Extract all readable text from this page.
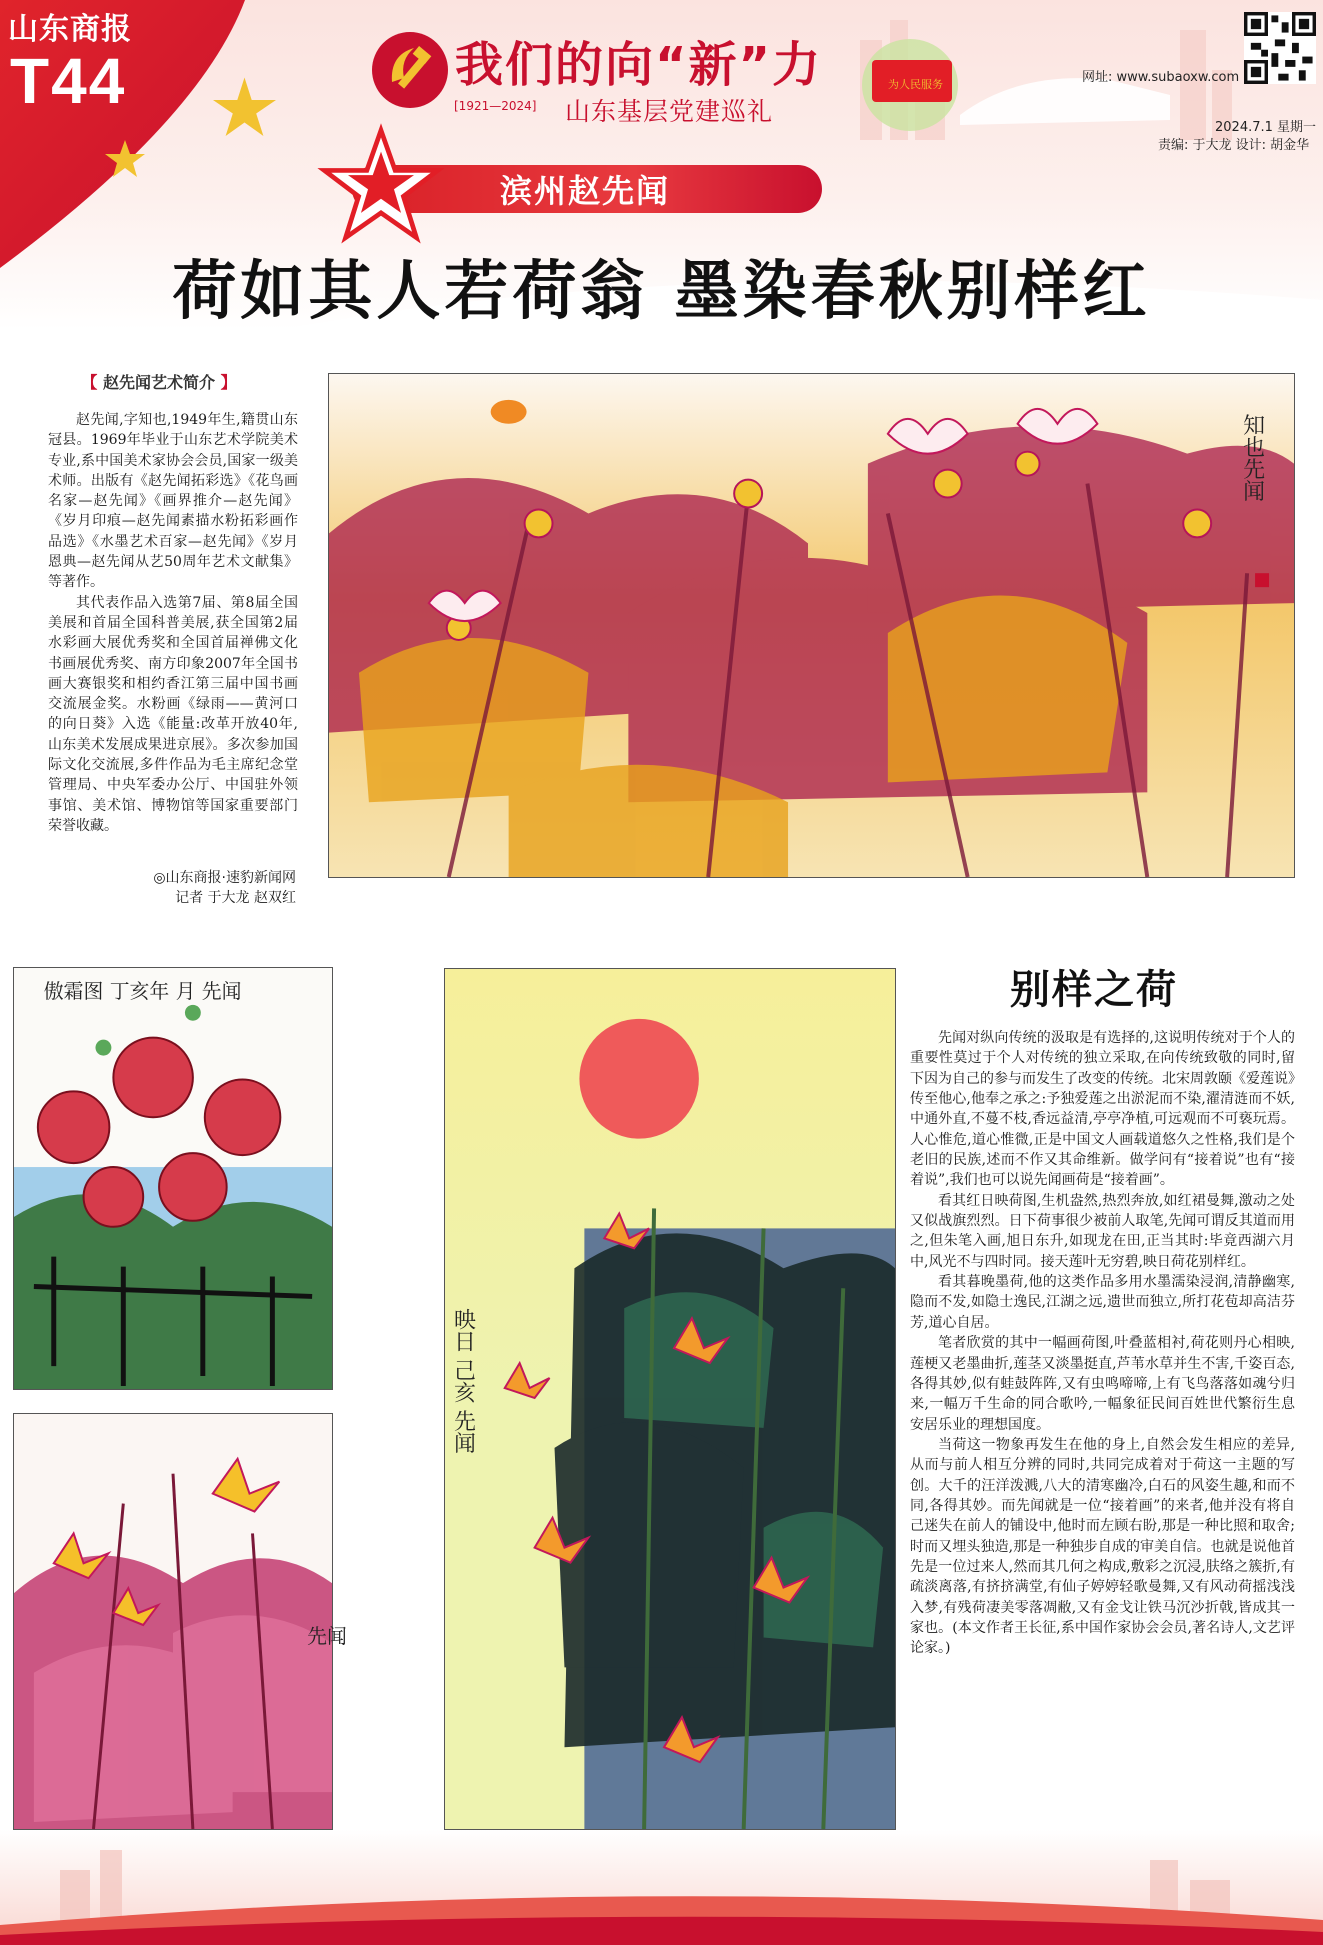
为人民服务
山东商报
T44	我们的向“新”力
[1921—2024] 山东基层党建巡礼
网址: www.subaoxw.com
2024.7.1 星期一
责编: 于大龙 设计: 胡金华
滨州赵先闻
荷如其人若荷翁 墨染春秋别样红
【 赵先闻艺术简介 】

赵先闻,字知也,1949年生,籍贯山东冠县。1969年毕业于山东艺术学院美术专业,系中国美术家协会会员,国家一级美术师。出版有《赵先闻拓彩选》《花鸟画名家—赵先闻》《画界推介—赵先闻》《岁月印痕—赵先闻素描水粉拓彩画作品选》《水墨艺术百家—赵先闻》《岁月恩典—赵先闻从艺50周年艺术文献集》等著作。

其代表作品入选第7届、第8届全国美展和首届全国科普美展,获全国第2届水彩画大展优秀奖和全国首届禅佛文化书画展优秀奖、南方印象2007年全国书画大赛银奖和相约香江第三届中国书画交流展金奖。水粉画《绿雨——黄河口的向日葵》入选《能量:改革开放40年,山东美术发展成果进京展》。多次参加国际文化交流展,多件作品为毛主席纪念堂管理局、中央军委办公厅、中国驻外领事馆、美术馆、博物馆等国家重要部门荣誉收藏。

◎山东商报·速豹新闻网
记者 于大龙 赵双红
知也先闻
傲霜图 丁亥年 月 先闻
先闻
映日 己亥 先闻
别样之荷

先闻对纵向传统的汲取是有选择的,这说明传统对于个人的重要性莫过于个人对传统的独立采取,在向传统致敬的同时,留下因为自己的参与而发生了改变的传统。北宋周敦颐《爱莲说》传至他心,他奉之承之:予独爱莲之出淤泥而不染,濯清涟而不妖,中通外直,不蔓不枝,香远益清,亭亭净植,可远观而不可亵玩焉。人心惟危,道心惟微,正是中国文人画载道悠久之性格,我们是个老旧的民族,述而不作又其命维新。做学问有“接着说”也有“接着说”,我们也可以说先闻画荷是“接着画”。

看其红日映荷图,生机盎然,热烈奔放,如红裙曼舞,激动之处又似战旗烈烈。日下荷事很少被前人取笔,先闻可谓反其道而用之,但朱笔入画,旭日东升,如现龙在田,正当其时:毕竟西湖六月中,风光不与四时同。接天莲叶无穷碧,映日荷花别样红。

看其暮晚墨荷,他的这类作品多用水墨濡染浸润,清静幽寒,隐而不发,如隐士逸民,江湖之远,遗世而独立,所打花苞却高洁芬芳,道心自居。

笔者欣赏的其中一幅画荷图,叶叠蓝相衬,荷花则丹心相映,莲梗又老墨曲折,莲茎又淡墨挺直,芦苇水草并生不害,千姿百态,各得其妙,似有蛙鼓阵阵,又有虫鸣啼啼,上有飞鸟落落如魂兮归来,一幅万千生命的同合歌吟,一幅象征民间百姓世代繁衍生息安居乐业的理想国度。

当荷这一物象再发生在他的身上,自然会发生相应的差异,从而与前人相互分辨的同时,共同完成着对于荷这一主题的写创。大千的汪洋泼溅,八大的清寒幽冷,白石的风姿生趣,和而不同,各得其妙。而先闻就是一位“接着画”的来者,他并没有将自己迷失在前人的铺设中,他时而左顾右盼,那是一种比照和取舍;时而又埋头独造,那是一种独步自成的审美自信。也就是说他首先是一位过来人,然而其几何之构成,敷彩之沉浸,肤络之簇折,有疏淡离落,有挤挤满堂,有仙子婷婷轻歌曼舞,又有风动荷摇浅浅入梦,有残荷凄美零落凋敝,又有金戈让铁马沉沙折戟,皆成其一家也。(本文作者王长征,系中国作家协会会员,著名诗人,文艺评论家。)
